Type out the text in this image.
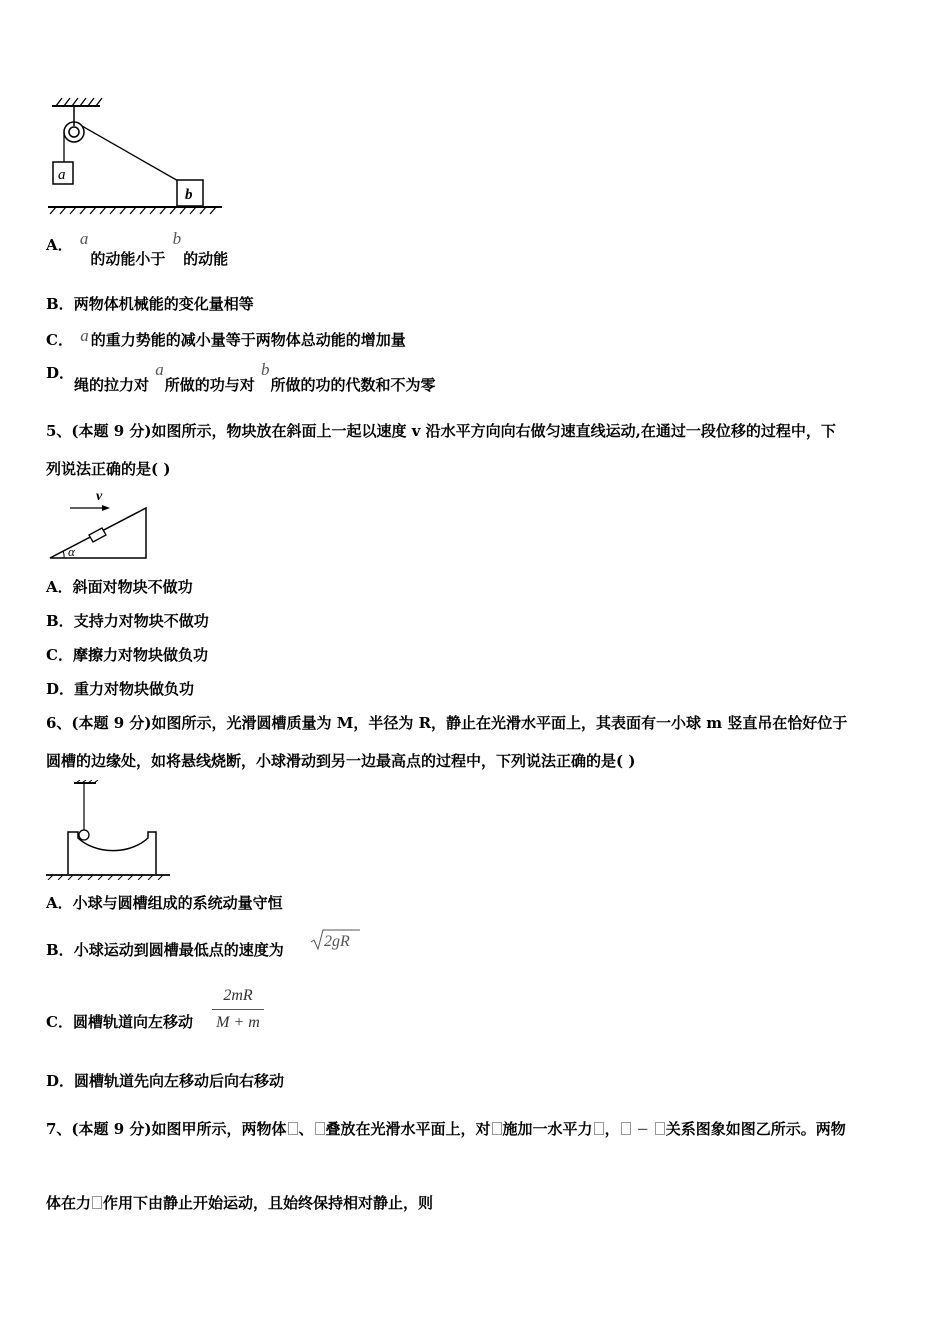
a
b
A． a的动能小于 b的动能
B．两物体机械能的变化量相等
C． a 的重力势能的减小量等于两物体总动能的增加量
D．绳的拉力对 a所做的功与对 b所做的功的代数和不为零
5、(本题 9 分)如图所示，物块放在斜面上一起以速度 v 沿水平方向向右做匀速直线运动,在通过一段位移的过程中，下
列说法正确的是( )
v
α
A．斜面对物块不做功
B．支持力对物块不做功
C．摩擦力对物块做负功
D．重力对物块做负功
6、(本题 9 分)如图所示，光滑圆槽质量为 M，半径为 R，静止在光滑水平面上，其表面有一小球 m 竖直吊在恰好位于
圆槽的边缘处，如将悬线烧断，小球滑动到另一边最高点的过程中，下列说法正确的是( )
A．小球与圆槽组成的系统动量守恒
B．小球运动到圆槽最低点的速度为	2gR
C．圆槽轨道向左移动
2mR
M + m
D．圆槽轨道先向左移动后向右移动
7、(本题 9 分)如图甲所示，两物体 、 叠放在光滑水平面上，对 施加一水平力 ， − 关系图象如图乙所示。两物
体在力 作用下由静止开始运动，且始终保持相对静止，则
